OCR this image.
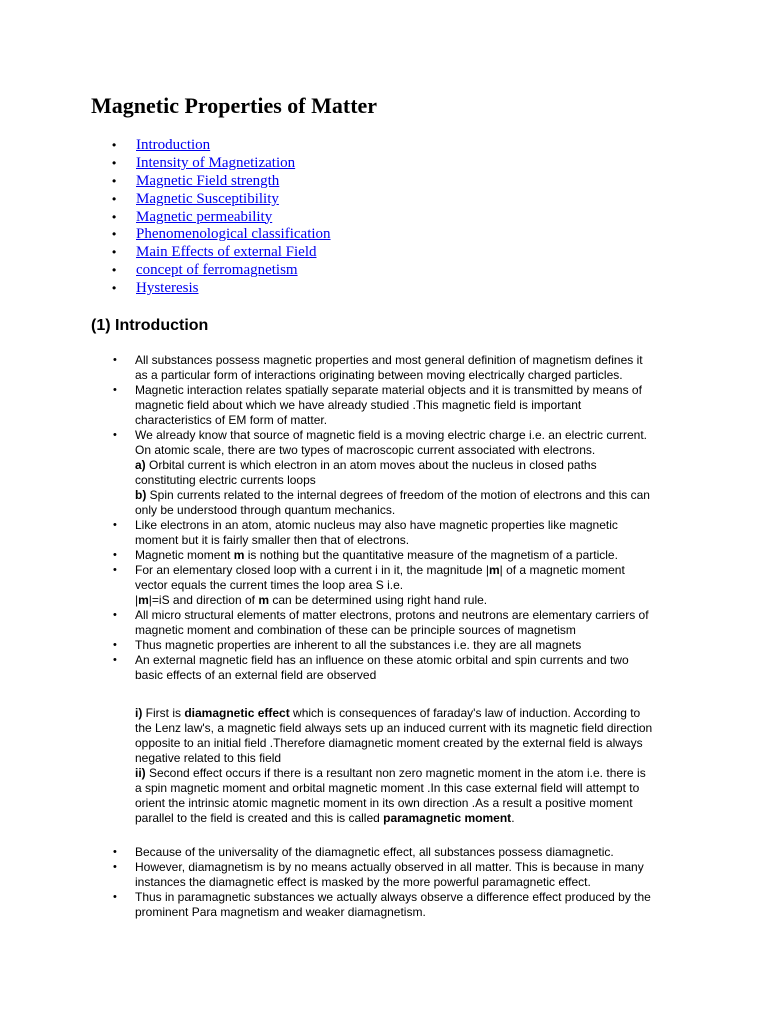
Magnetic Properties of Matter
• Introduction
• Intensity of Magnetization
• Magnetic Field strength
• Magnetic Susceptibility
• Magnetic permeability
• Phenomenological classification
• Main Effects of external Field
• concept of ferromagnetism
• Hysteresis
(1) Introduction
• All substances possess magnetic properties and most general definition of magnetism defines it
as a particular form of interactions originating between moving electrically charged particles.
• Magnetic interaction relates spatially separate material objects and it is transmitted by means of
magnetic field about which we have already studied .This magnetic field is important
characteristics of EM form of matter.
• We already know that source of magnetic field is a moving electric charge i.e. an electric current.
On atomic scale, there are two types of macroscopic current associated with electrons.
a) Orbital current is which electron in an atom moves about the nucleus in closed paths
constituting electric currents loops
b) Spin currents related to the internal degrees of freedom of the motion of electrons and this can
only be understood through quantum mechanics.
• Like electrons in an atom, atomic nucleus may also have magnetic properties like magnetic
moment but it is fairly smaller then that of electrons.
• Magnetic moment m is nothing but the quantitative measure of the magnetism of a particle.
• For an elementary closed loop with a current i in it, the magnitude |m| of a magnetic moment
vector equals the current times the loop area S i.e.
|m|=iS and direction of m can be determined using right hand rule.
• All micro structural elements of matter electrons, protons and neutrons are elementary carriers of
magnetic moment and combination of these can be principle sources of magnetism
• Thus magnetic properties are inherent to all the substances i.e. they are all magnets
• An external magnetic field has an influence on these atomic orbital and spin currents and two
basic effects of an external field are observed
i) First is diamagnetic effect which is consequences of faraday's law of induction. According to
the Lenz law's, a magnetic field always sets up an induced current with its magnetic field direction
opposite to an initial field .Therefore diamagnetic moment created by the external field is always
negative related to this field
ii) Second effect occurs if there is a resultant non zero magnetic moment in the atom i.e. there is
a spin magnetic moment and orbital magnetic moment .In this case external field will attempt to
orient the intrinsic atomic magnetic moment in its own direction .As a result a positive moment
parallel to the field is created and this is called paramagnetic moment.
• Because of the universality of the diamagnetic effect, all substances possess diamagnetic.
• However, diamagnetism is by no means actually observed in all matter. This is because in many
instances the diamagnetic effect is masked by the more powerful paramagnetic effect.
• Thus in paramagnetic substances we actually always observe a difference effect produced by the
prominent Para magnetism and weaker diamagnetism.
